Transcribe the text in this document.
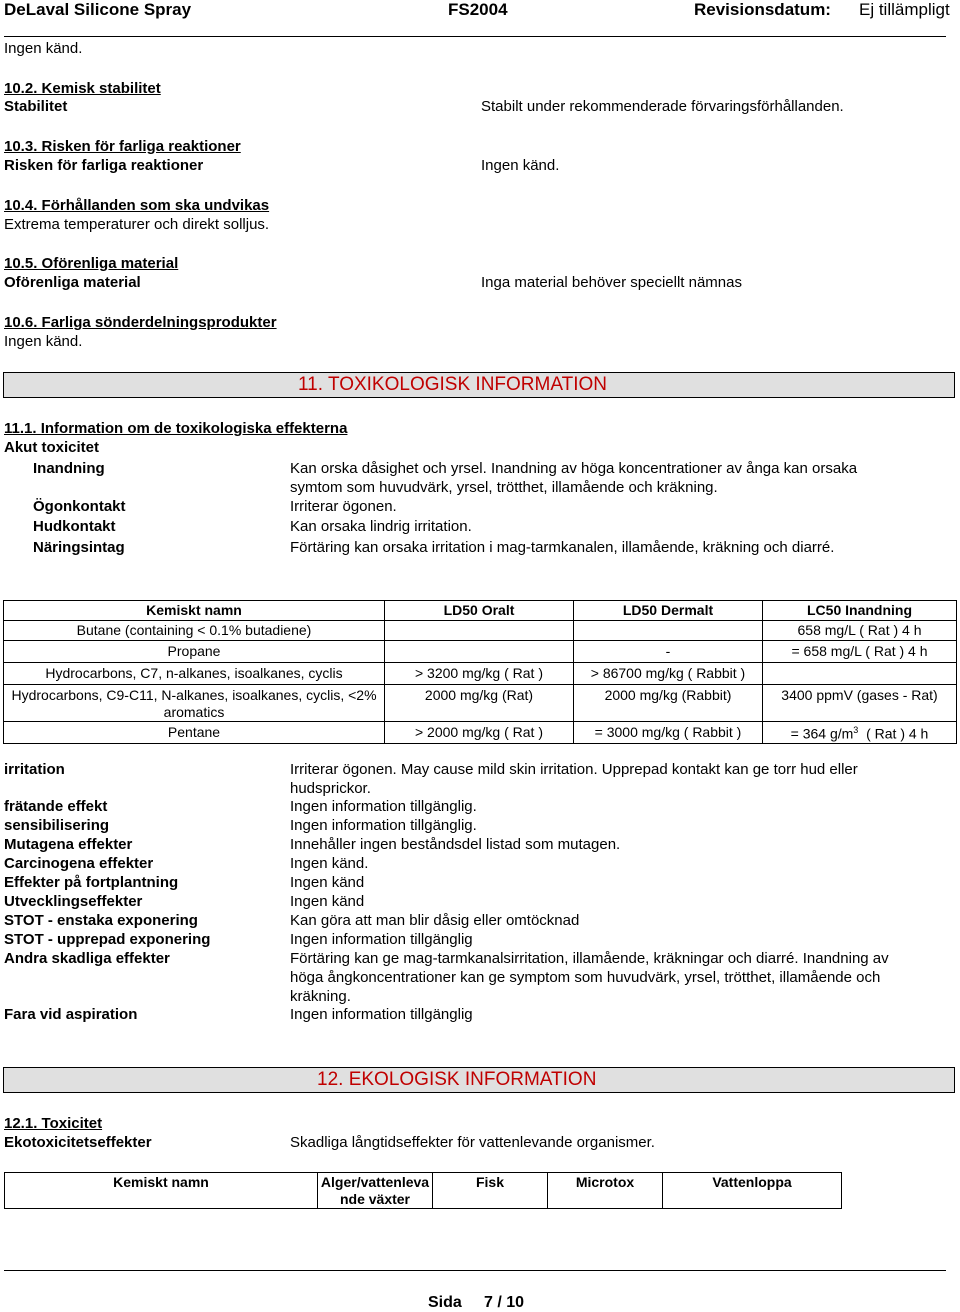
DeLaval Silicone Spray	FS2004	Revisionsdatum: Ej tillämpligt
Ingen känd.
10.2. Kemisk stabilitet
Stabilitet	Stabilt under rekommenderade förvaringsförhållanden.
10.3. Risken för farliga reaktioner
Risken för farliga reaktioner	Ingen känd.
10.4. Förhållanden som ska undvikas
Extrema temperaturer och direkt solljus.
10.5. Oförenliga material
Oförenliga material	Inga material behöver speciellt nämnas
10.6. Farliga sönderdelningsprodukter
Ingen känd.
11. TOXIKOLOGISK INFORMATION
11.1. Information om de toxikologiska effekterna
Akut toxicitet
Inandning	Kan orska dåsighet och yrsel. Inandning av höga koncentrationer av ånga kan orsaka
symtom som huvudvärk, yrsel, trötthet, illamående och kräkning.
Ögonkontakt	Irriterar ögonen.
Hudkontakt	Kan orsaka lindrig irritation.
Näringsintag	Förtäring kan orsaka irritation i mag-tarmkanalen, illamående, kräkning och diarré.
Kemiskt namn	LD50 Oralt	LD50 Dermalt	LC50 Inandning
Butane (containing < 0.1% butadiene)			658 mg/L ( Rat ) 4 h
Propane		-	= 658 mg/L ( Rat ) 4 h
Hydrocarbons, C7, n-alkanes, isoalkanes, cyclis	> 3200 mg/kg ( Rat )	> 86700 mg/kg ( Rabbit )	
Hydrocarbons, C9-C11, N-alkanes, isoalkanes, cyclis, <2% aromatics	2000 mg/kg (Rat)	2000 mg/kg (Rabbit)	3400 ppmV (gases - Rat)
Pentane	> 2000 mg/kg ( Rat )	= 3000 mg/kg ( Rabbit )	= 364 $g/m^3$  ( Rat ) 4 h
irritation	Irriterar ögonen. May cause mild skin irritation. Upprepad kontakt kan ge torr hud eller
hudsprickor.
frätande effekt	Ingen information tillgänglig.
sensibilisering	Ingen information tillgänglig.
Mutagena effekter	Innehåller ingen beståndsdel listad som mutagen.
Carcinogena effekter	Ingen känd.
Effekter på fortplantning	Ingen känd
Utvecklingseffekter	Ingen känd
STOT - enstaka exponering	Kan göra att man blir dåsig eller omtöcknad
STOT - upprepad exponering	Ingen information tillgänglig
Andra skadliga effekter	Förtäring kan ge mag-tarmkanalsirritation, illamående, kräkningar och diarré. Inandning av
höga ångkoncentrationer kan ge symptom som huvudvärk, yrsel, trötthet, illamående och
kräkning.
Fara vid aspiration	Ingen information tillgänglig
12. EKOLOGISK INFORMATION
12.1. Toxicitet
Ekotoxicitetseffekter	Skadliga långtidseffekter för vattenlevande organismer.
Kemiskt namn	Alger/vattenleva nde växter	Fisk	Microtox	Vattenloppa
Sida 7 / 10
